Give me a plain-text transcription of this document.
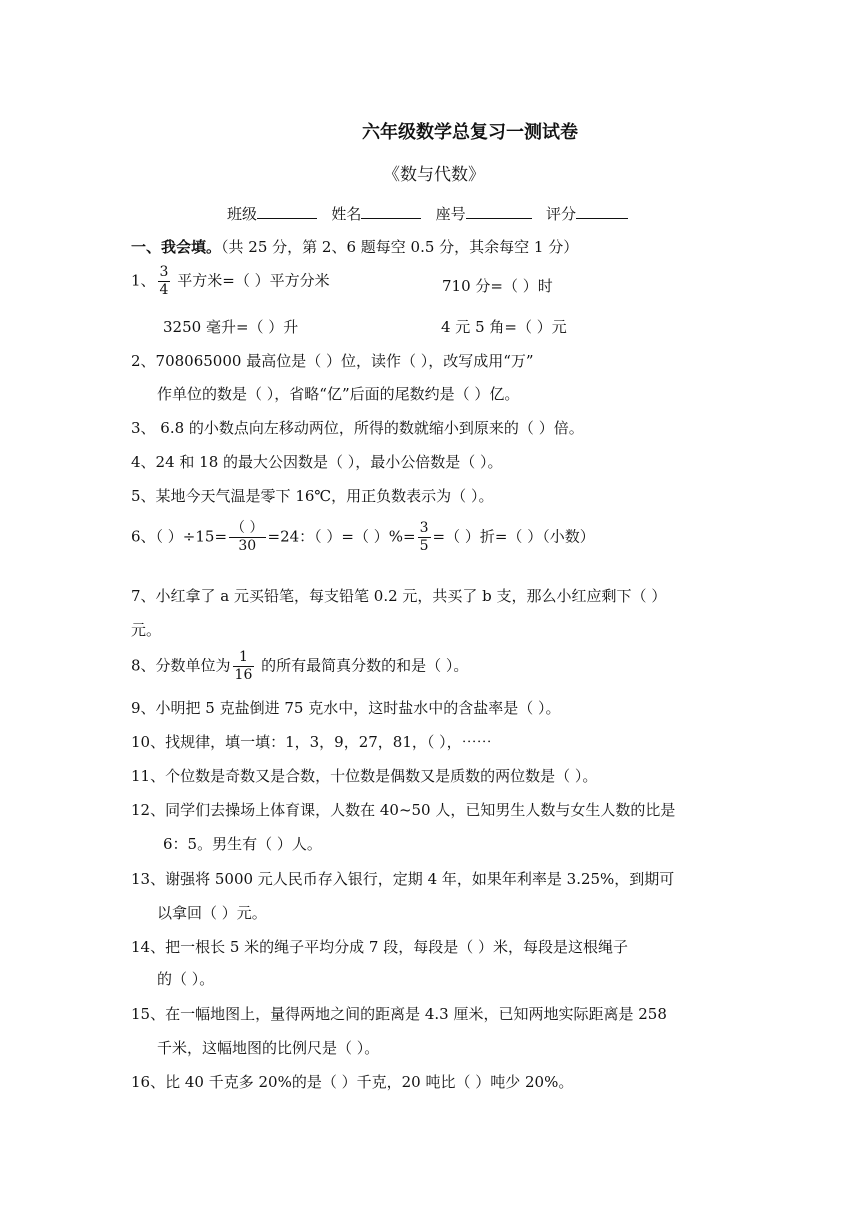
六年级数学总复习一测试卷
《数与代数》
班级	姓名	座号	评分
一、我会填。（共 25 分，第 2、6 题每空 0.5 分，其余每空 1 分）
1、 $\frac{3}{4}$ 平方米=（ ）平方分米	710 分=（ ）时
3250 毫升=（ ）升	4 元 5 角=（ ）元
2、708065000 最高位是（ ）位，读作（ ），改写成用“万”
作单位的数是（ ），省略“亿”后面的尾数约是（ ）亿。
3、 6.8 的小数点向左移动两位，所得的数就缩小到原来的（ ）倍。
4、24 和 18 的最大公因数是（ ），最小公倍数是（ ）。
5、某地今天气温是零下 16℃，用正负数表示为（ ）。
6、（ ）$\div 15= \frac{( )}{30} =24$：（ ）=（ ）%= $\frac{3}{5}$ =（ ）折=（ ）（小数）
7、小红拿了 a 元买铅笔，每支铅笔 0.2 元，共买了 b 支，那么小红应剩下（ ）
元。
8、分数单位为 $\frac{1}{16}$ 的所有最简真分数的和是（ ）。
9、小明把 5 克盐倒进 75 克水中，这时盐水中的含盐率是（ ）。
10、找规律，填一填：1，3，9，27，81，（ ），⋯⋯
11、个位数是奇数又是合数，十位数是偶数又是质数的两位数是（ ）。
12、同学们去操场上体育课，人数在 40~50 人，已知男生人数与女生人数的比是
6：5。男生有（ ）人。
13、谢强将 5000 元人民币存入银行，定期 4 年，如果年利率是 3.25%，到期可
以拿回（ ）元。
14、把一根长 5 米的绳子平均分成 7 段，每段是（ ）米，每段是这根绳子
的（ ）。
15、在一幅地图上，量得两地之间的距离是 4.3 厘米，已知两地实际距离是 258
千米，这幅地图的比例尺是（ ）。
16、比 40 千克多 20%的是（ ）千克，20 吨比（ ）吨少 20%。
